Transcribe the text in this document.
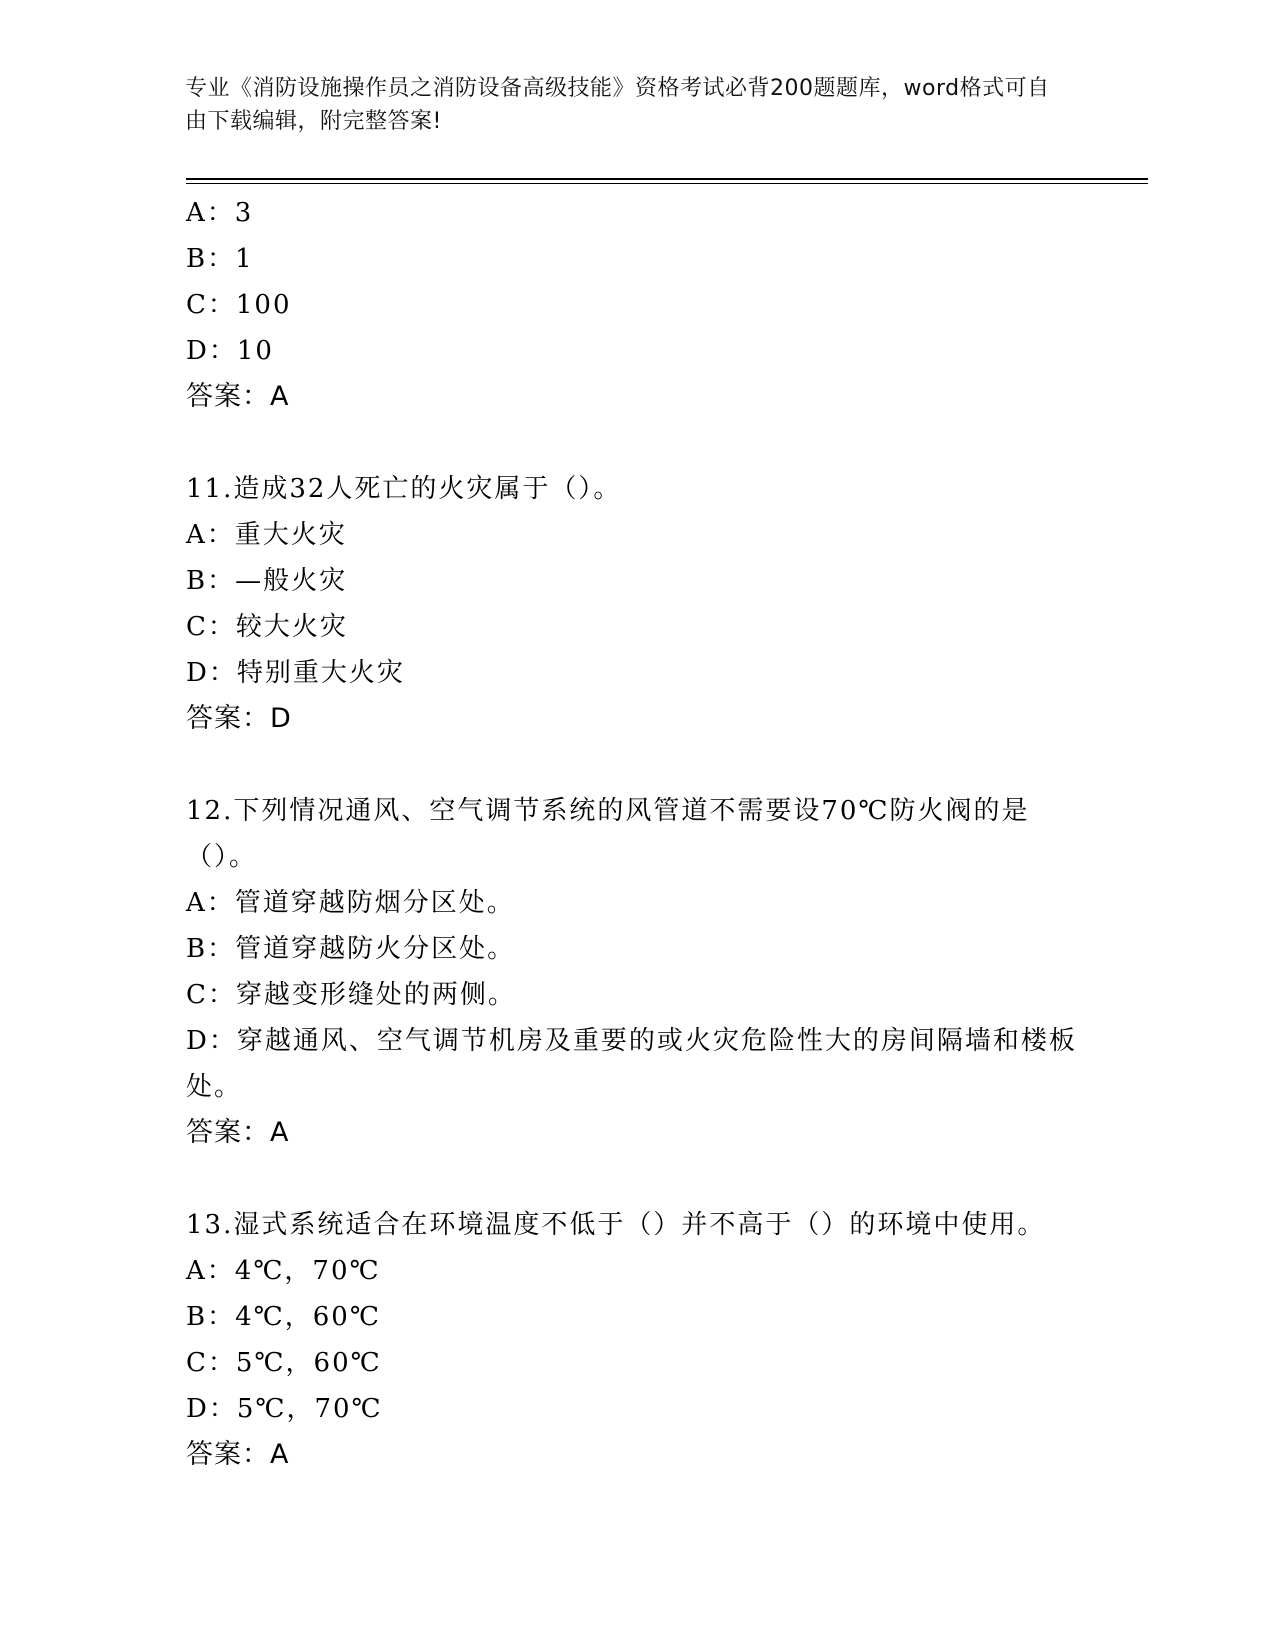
专业《消防设施操作员之消防设备高级技能》资格考试必背200题题库，word格式可自由下载编辑，附完整答案!
A：3
B：1
C：100
D：10
答案：A
11.造成32人死亡的火灾属于（）。
A：重大火灾
B：—般火灾
C：较大火灾
D：特别重大火灾
答案：D
12.下列情况通风、空气调节系统的风管道不需要设70℃防火阀的是（）。
A：管道穿越防烟分区处。
B：管道穿越防火分区处。
C：穿越变形缝处的两侧。
D：穿越通风、空气调节机房及重要的或火灾危险性大的房间隔墙和楼板处。
答案：A
13.湿式系统适合在环境温度不低于（）并不高于（）的环境中使用。
A：4℃，70℃
B：4℃，60℃
C：5℃，60℃
D：5℃，70℃
答案：A
